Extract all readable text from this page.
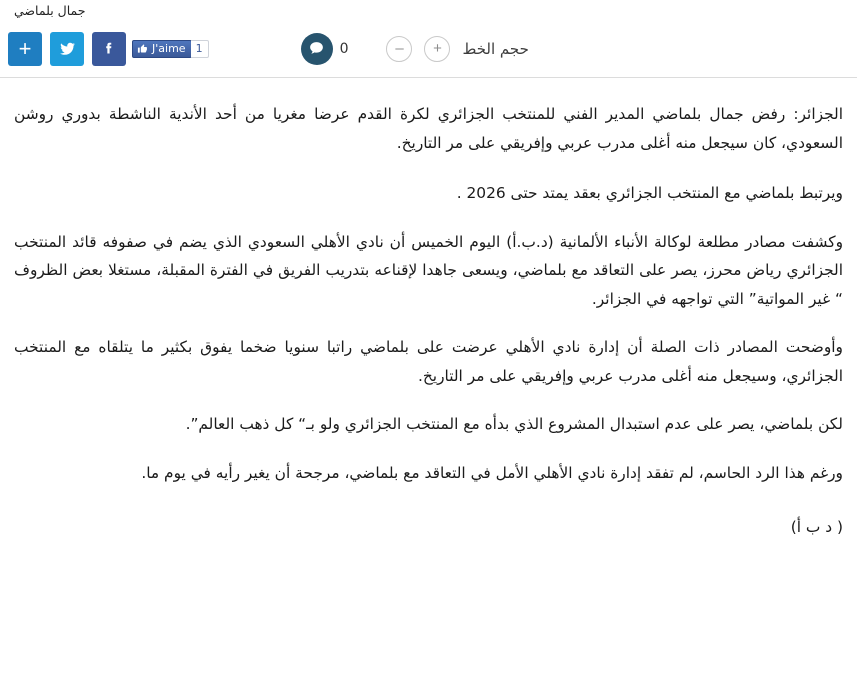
جمال بلماضي
+	J'aime 1	0	– + حجم الخط

الجزائر: رفض جمال بلماضي المدير الفني للمنتخب الجزائري لكرة القدم عرضا مغريا من أحد الأندية الناشطة بدوري روشن السعودي، كان سيجعل منه أغلى مدرب عربي وإفريقي على مر التاريخ.

ويرتبط بلماضي مع المنتخب الجزائري بعقد يمتد حتى 2026 .

وكشفت مصادر مطلعة لوكالة الأنباء الألمانية (د.ب.أ) اليوم الخميس أن نادي الأهلي السعودي الذي يضم في صفوفه قائد المنتخب الجزائري رياض محرز، يصر على التعاقد مع بلماضي، ويسعى جاهدا لإقناعه بتدريب الفريق في الفترة المقبلة، مستغلا بعض الظروف “ غير المواتية” التي تواجهه في الجزائر.

وأوضحت المصادر ذات الصلة أن إدارة نادي الأهلي عرضت على بلماضي راتبا سنويا ضخما يفوق بكثير ما يتلقاه مع المنتخب الجزائري، وسيجعل منه أغلى مدرب عربي وإفريقي على مر التاريخ.

لكن بلماضي، يصر على عدم استبدال المشروع الذي بدأه مع المنتخب الجزائري ولو بـ“ كل ذهب العالم”.

ورغم هذا الرد الحاسم، لم تفقد إدارة نادي الأهلي الأمل في التعاقد مع بلماضي، مرجحة أن يغير رأيه في يوم ما.

( د ب أ)
